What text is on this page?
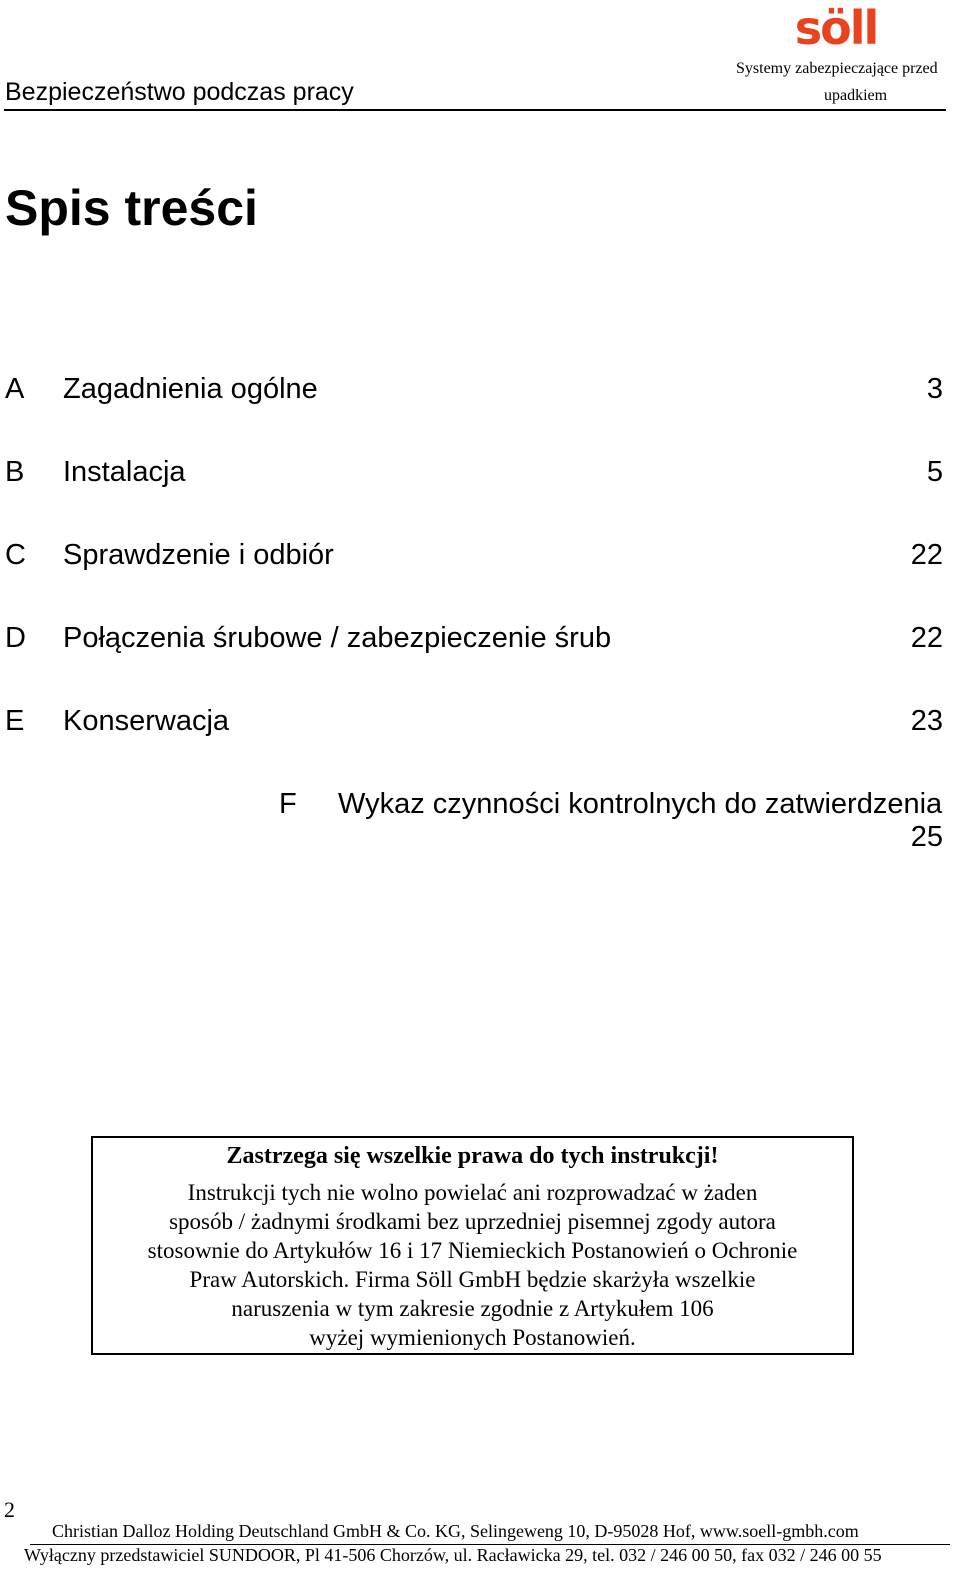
Bezpieczeństwo podczas pracy
söll
Systemy zabezpieczające przed
upadkiem
Spis treści
A Zagadnienia ogólne	3
B Instalacja	5
C Sprawdzenie i odbiór	22
D Połączenia śrubowe / zabezpieczenie śrub	22
E Konserwacja	23
F Wykaz czynności kontrolnych do zatwierdzenia
25
Zastrzega się wszelkie prawa do tych instrukcji!
Instrukcji tych nie wolno powielać ani rozprowadzać w żaden
sposób / żadnymi środkami bez uprzedniej pisemnej zgody autora
stosownie do Artykułów 16 i 17 Niemieckich Postanowień o Ochronie
Praw Autorskich. Firma Söll GmbH będzie skarżyła wszelkie
naruszenia w tym zakresie zgodnie z Artykułem 106
wyżej wymienionych Postanowień.
2
Christian Dalloz Holding Deutschland GmbH & Co. KG, Selingeweng 10, D-95028 Hof, www.soell-gmbh.com
Wyłączny przedstawiciel SUNDOOR, Pl 41-506 Chorzów, ul. Racławicka 29, tel. 032 / 246 00 50, fax 032 / 246 00 55
